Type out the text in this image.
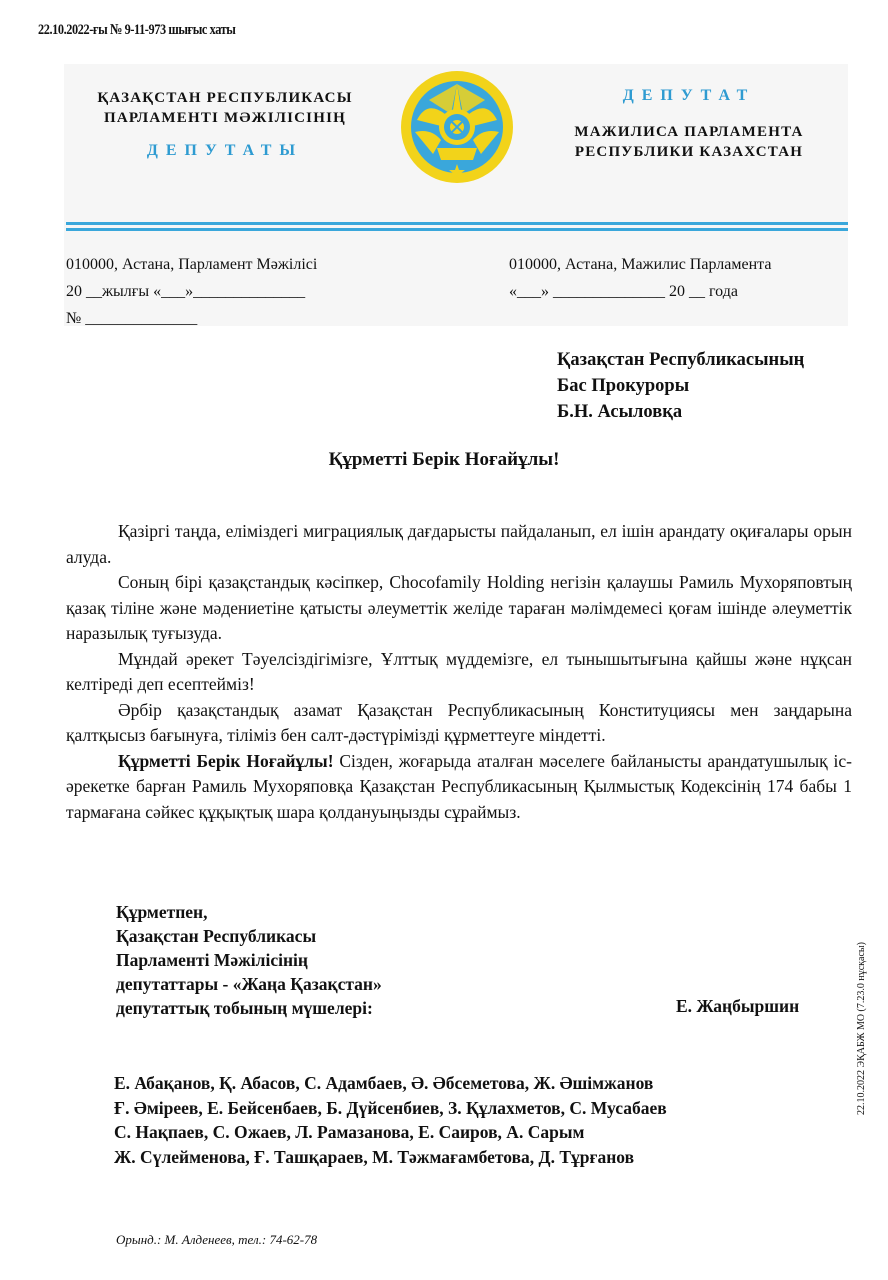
22.10.2022-ғы № 9-11-973 шығыс хаты
ҚАЗАҚСТАН РЕСПУБЛИКАСЫ
ПАРЛАМЕНТІ МӘЖІЛІСІНІҢ
ДЕПУТАТЫ
ДЕПУТАТ
МАЖИЛИСА ПАРЛАМЕНТА
РЕСПУБЛИКИ КАЗАХСТАН
010000, Астана, Парламент Мәжілісі
20 __жылғы «___»______________
№ ______________
010000, Астана, Мажилис Парламента
«___» ______________ 20 __ года
Қазақстан Республикасының
Бас Прокуроры
Б.Н. Асыловқа
Құрметті Берік Ноғайұлы!

Қазіргі таңда, еліміздегі миграциялық дағдарысты пайдаланып, ел ішін арандату оқиғалары орын алуда.

Соның бірі қазақстандық кәсіпкер, Chocofamily Holding негізін қалаушы Рамиль Мухоряповтың қазақ тіліне және мәдениетіне қатысты әлеуметтік желіде тараған мәлімдемесі қоғам ішінде әлеуметтік наразылық туғызуда.

Мұндай әрекет Тәуелсіздігімізге, Ұлттық мүддемізге, ел тынышытығына қайшы және нұқсан келтіреді деп есептейміз!

Әрбір қазақстандық азамат Қазақстан Республикасының Конституциясы мен заңдарына қалтқысыз бағынуға, тіліміз бен салт-дәстүрімізді құрметтеуге міндетті.

Құрметті Берік Ноғайұлы! Сізден, жоғарыда аталған мәселеге байланысты арандатушылық іс-әрекетке барған Рамиль Мухоряповқа Қазақстан Республикасының Қылмыстық Кодексінің 174 бабы 1 тармағана сәйкес құқықтық шара қолдануыңызды сұраймыз.

Құрметпен,
Қазақстан Республикасы
Парламенті Мәжілісінің
депутаттары - «Жаңа Қазақстан»
депутаттық тобының мүшелері:	Е. Жаңбыршин
Е. Абақанов, Қ. Абасов, С. Адамбаев, Ә. Әбсеметова, Ж. Әшімжанов
Ғ. Әміреев, Е. Бейсенбаев, Б. Дүйсенбиев, З. Құлахметов, С. Мусабаев
С. Нақпаев, С. Ожаев, Л. Рамазанова, Е. Саиров, А. Сарым
Ж. Сүлейменова, Ғ. Ташқараев, М. Тәжмағамбетова, Д. Тұрғанов
Орынд.: М. Алденеев, тел.: 74-62-78
22.10.2022 ЭҚАБЖ МО (7.23.0 нұсқасы)
